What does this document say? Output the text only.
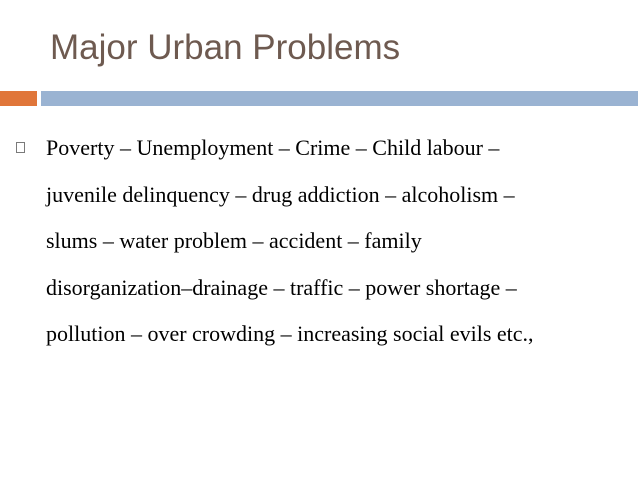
Major Urban Problems

Poverty – Unemployment – Crime – Child labour –
juvenile delinquency – drug addiction – alcoholism –
slums – water problem – accident – family
disorganization–drainage – traffic – power shortage –
pollution – over crowding – increasing social evils etc.,
